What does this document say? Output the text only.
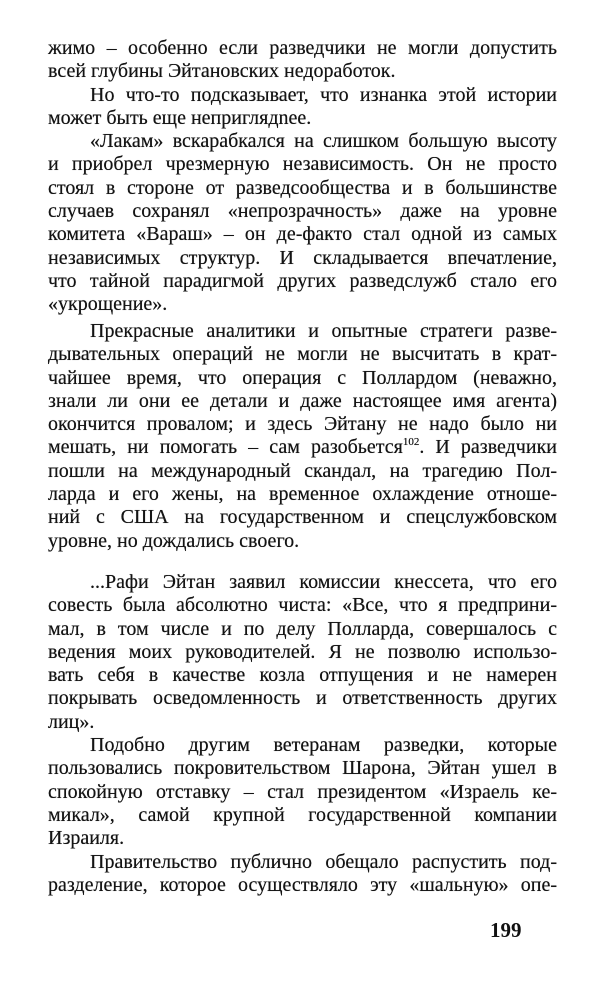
жимо – особенно если разведчики не могли допустить
всей глубины Эйтановских недоработок.
Но что-то подсказывает, что изнанка этой истории
может быть еще неприглядnее.
«Лакам» вскарабкался на слишком большую высоту
и приобрел чрезмерную независимость. Он не просто
стоял в стороне от разведсообщества и в большинстве
случаев сохранял «непрозрачность» даже на уровне
комитета «Вараш» – он де-факто стал одной из самых
независимых структур. И складывается впечатление,
что тайной парадигмой других разведслужб стало его
«укрощение».
Прекрасные аналитики и опытные стратеги разве-
дывательных операций не могли не высчитать в крат-
чайшее время, что операция с Поллардом (неважно,
знали ли они ее детали и даже настоящее имя агента)
окончится провалом; и здесь Эйтану не надо было ни
мешать, ни помогать – сам разобьется$^{102}$. И разведчики
пошли на международный скандал, на трагедию Пол-
ларда и его жены, на временное охлаждение отноше-
ний с США на государственном и спецслужбовском
уровне, но дождались своего.
...Рафи Эйтан заявил комиссии кнессета, что его
совесть была абсолютно чиста: «Все, что я предприни-
мал, в том числе и по делу Полларда, совершалось с
ведения моих руководителей. Я не позволю использо-
вать себя в качестве козла отпущения и не намерен
покрывать осведомленность и ответственность других
лиц».
Подобно другим ветеранам разведки, которые
пользовались покровительством Шарона, Эйтан ушел в
спокойную отставку – стал президентом «Израель ке-
микал», самой крупной государственной компании
Израиля.
Правительство публично обещало распустить под-
разделение, которое осуществляло эту «шальную» опе-
199
